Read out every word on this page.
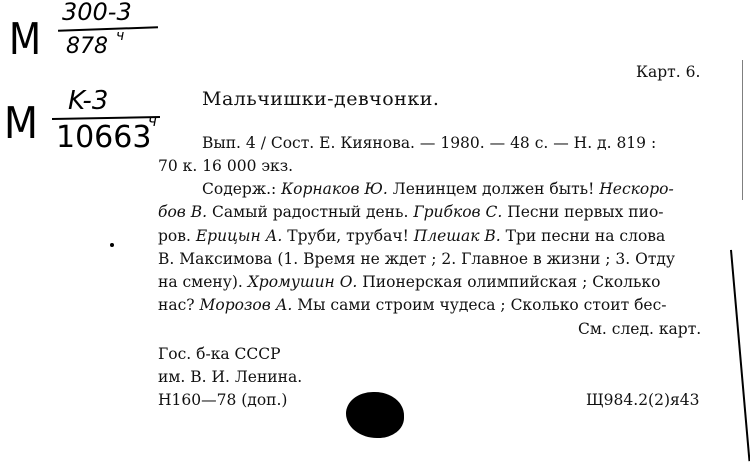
M
300-3
878 ч
M K-3
10663
ч
Карт. 6.
Мальчишки-девчонки.
Вып. 4 / Сост. Е. Киянова. — 1980. — 48 с. — Н. д. 819 :
70 к. 16 000 экз.
Содерж.: Корнаков Ю. Ленинцем должен быть! Нескоро-
бов В. Самый радостный день. Грибков С. Песни первых пио-
ров. Ерицын А. Труби, трубач! Плешак В. Три песни на слова
В. Максимова (1. Время не ждет ; 2. Главное в жизни ; 3. Отду
на смену). Хромушин О. Пионерская олимпийская ; Сколько
нас? Морозов А. Мы сами строим чудеса ; Сколько стоит бес-
См. след. карт.
Гос. б-ка СССР
им. В. И. Ленина.
Н160—78 (доп.)	Щ984.2(2)я43
